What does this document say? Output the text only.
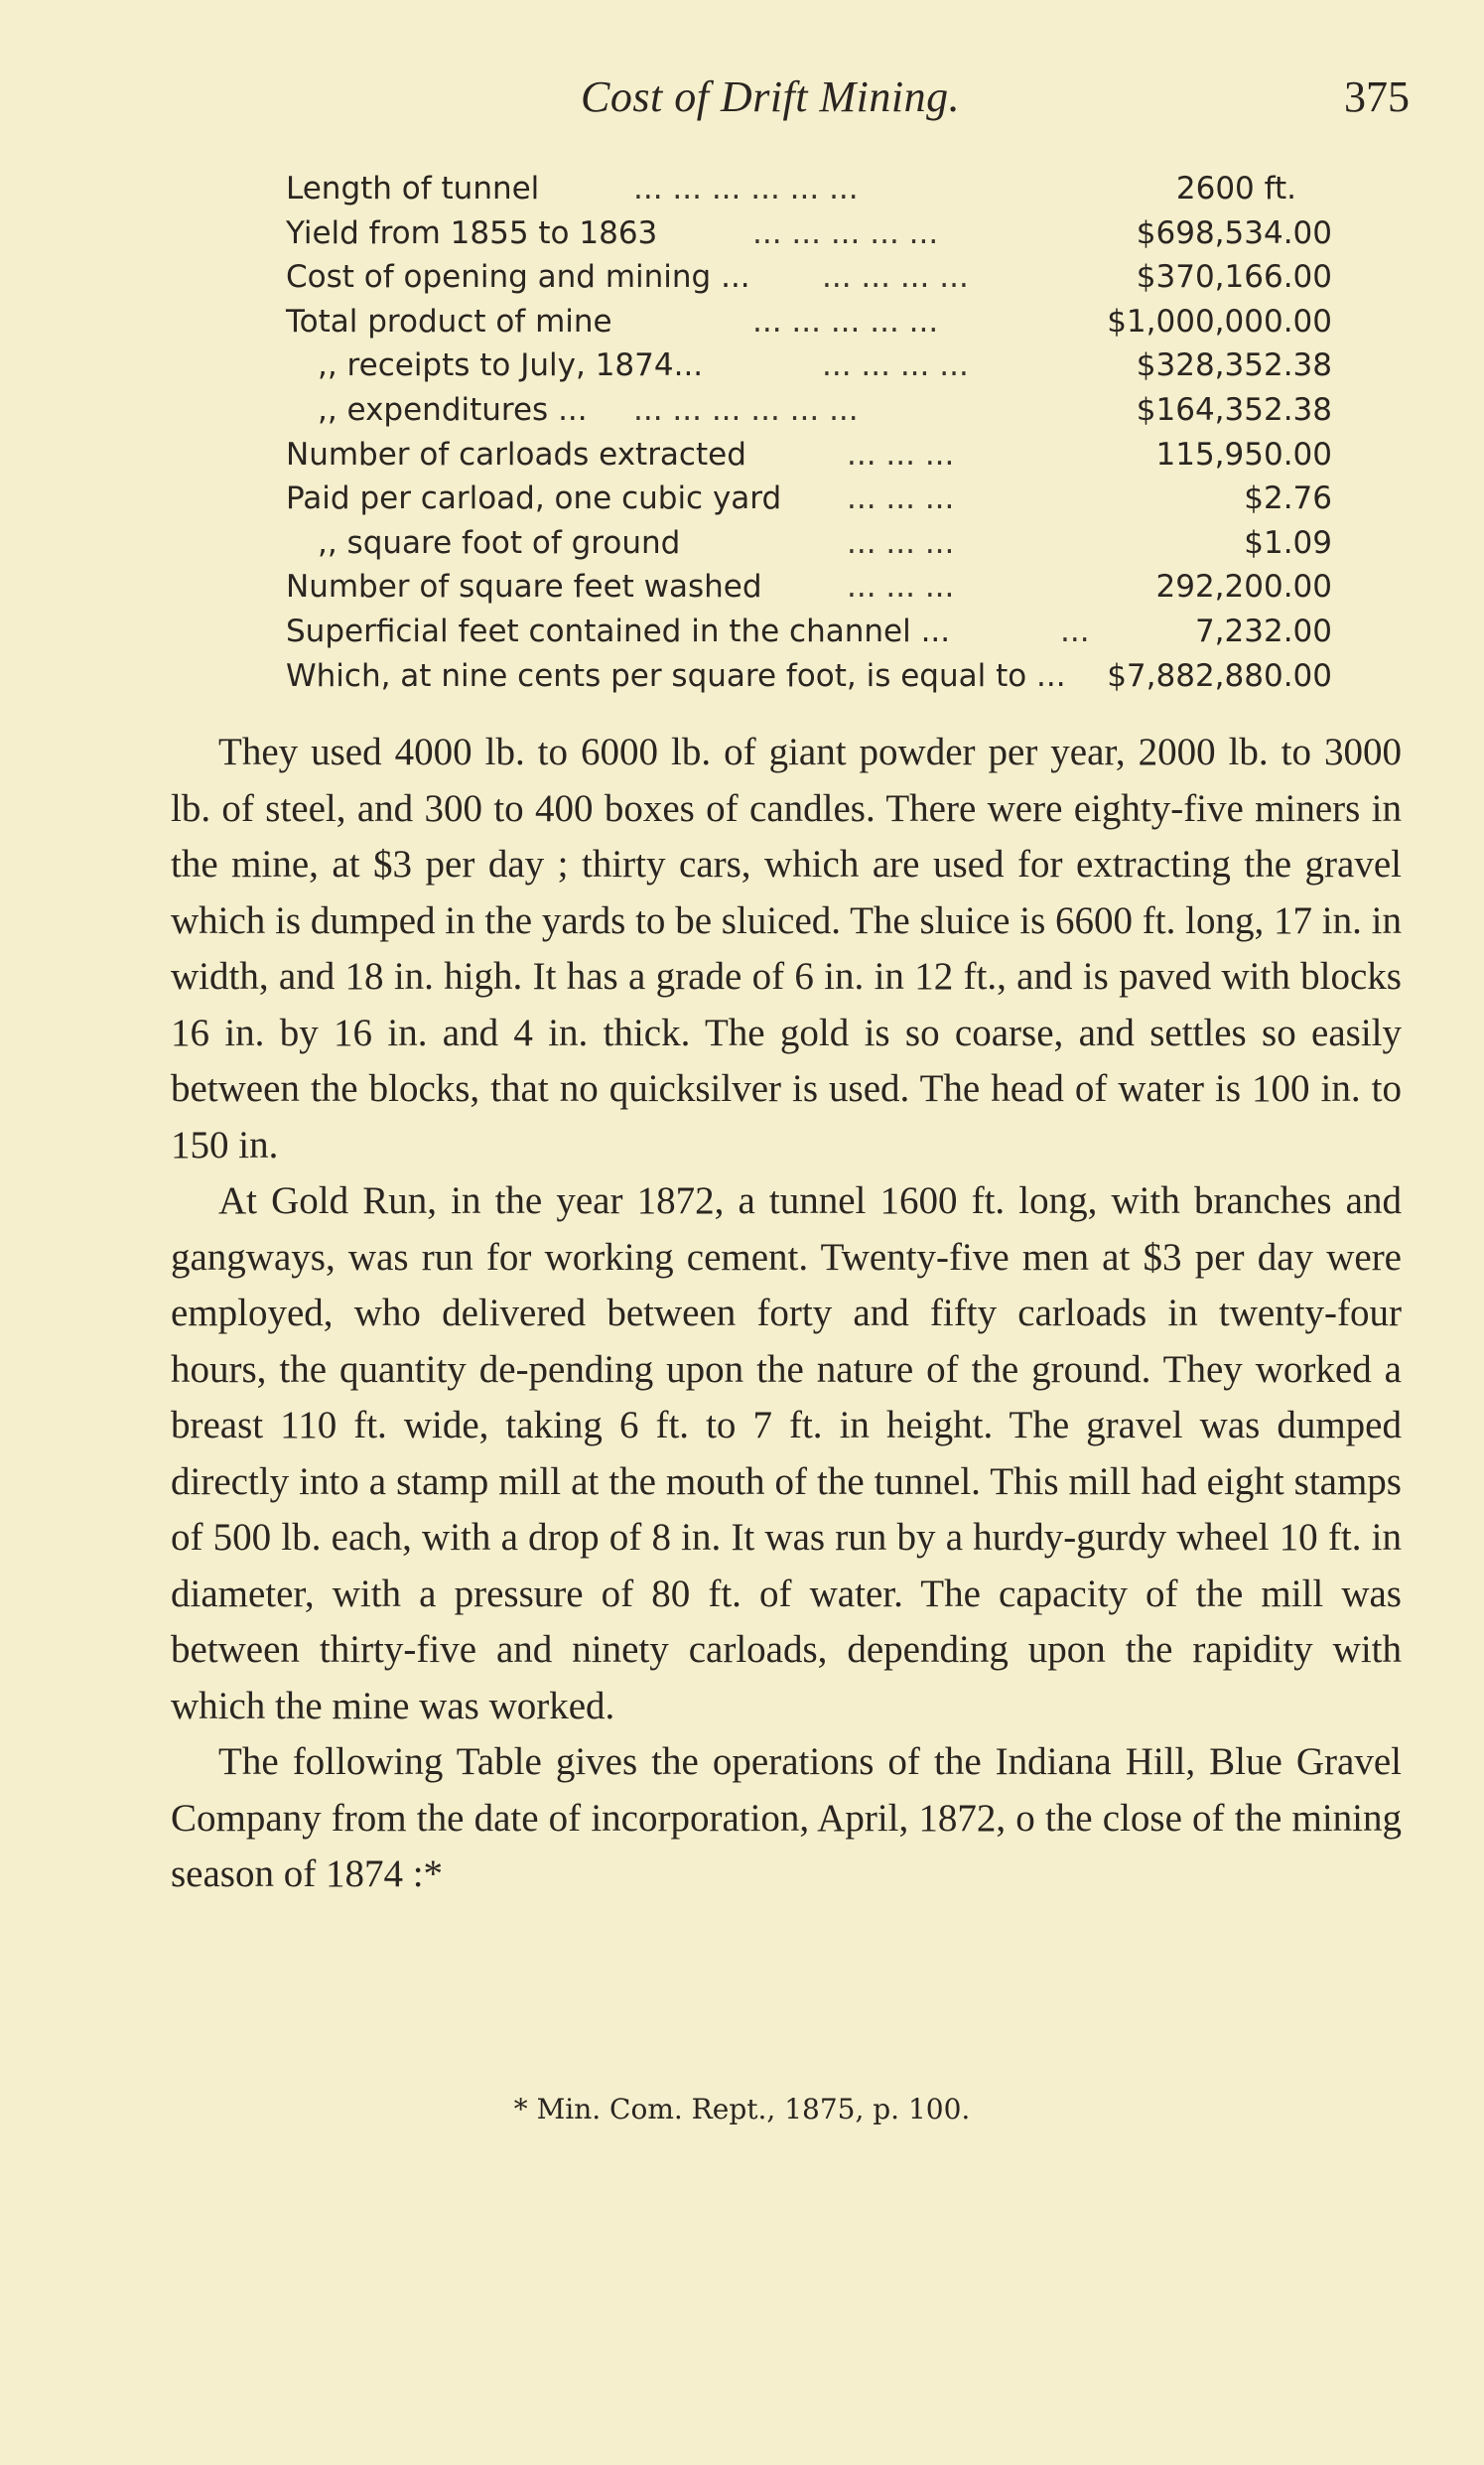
Cost of Drift Mining.	375
Length of tunnel	... ... ... ... ... ...	2600 ft.
Yield from 1855 to 1863	... ... ... ... ...	$698,534.00
Cost of opening and mining ... ... ... ... ...	$370,166.00
Total product of mine	... ... ... ... ...	$1,000,000.00
,, receipts to July, 1874...	... ... ... ...	$328,352.38
,, expenditures ... ... ... ... ... ... ...	$164,352.38
Number of carloads extracted	... ... ...	115,950.00
Paid per carload, one cubic yard ... ... ...	$2.76
,, square foot of ground	... ... ...	$1.09
Number of square feet washed	... ... ...	292,200.00
Superficial feet contained in the channel ...	...	7,232.00
Which, at nine cents per square foot, is equal to ... $7,882,880.00

They used 4000 lb. to 6000 lb. of giant powder per year, 2000 lb. to 3000 lb. of steel, and 300 to 400 boxes of candles. There were eighty-five miners in the mine, at $3 per day ; thirty cars, which are used for extracting the gravel which is dumped in the yards to be sluiced. The sluice is 6600 ft. long, 17 in. in width, and 18 in. high. It has a grade of 6 in. in 12 ft., and is paved with blocks 16 in. by 16 in. and 4 in. thick. The gold is so coarse, and settles so easily between the blocks, that no quicksilver is used. The head of water is 100 in. to 150 in.

At Gold Run, in the year 1872, a tunnel 1600 ft. long, with branches and gangways, was run for working cement. Twenty-five men at $3 per day were employed, who delivered between forty and fifty carloads in twenty-four hours, the quantity de-pending upon the nature of the ground. They worked a breast 110 ft. wide, taking 6 ft. to 7 ft. in height. The gravel was dumped directly into a stamp mill at the mouth of the tunnel. This mill had eight stamps of 500 lb. each, with a drop of 8 in. It was run by a hurdy-gurdy wheel 10 ft. in diameter, with a pressure of 80 ft. of water. The capacity of the mill was between thirty-five and ninety carloads, depending upon the rapidity with which the mine was worked.

The following Table gives the operations of the Indiana Hill, Blue Gravel Company from the date of incorporation, April, 1872, o the close of the mining season of 1874 :*

* Min. Com. Rept., 1875, p. 100.
